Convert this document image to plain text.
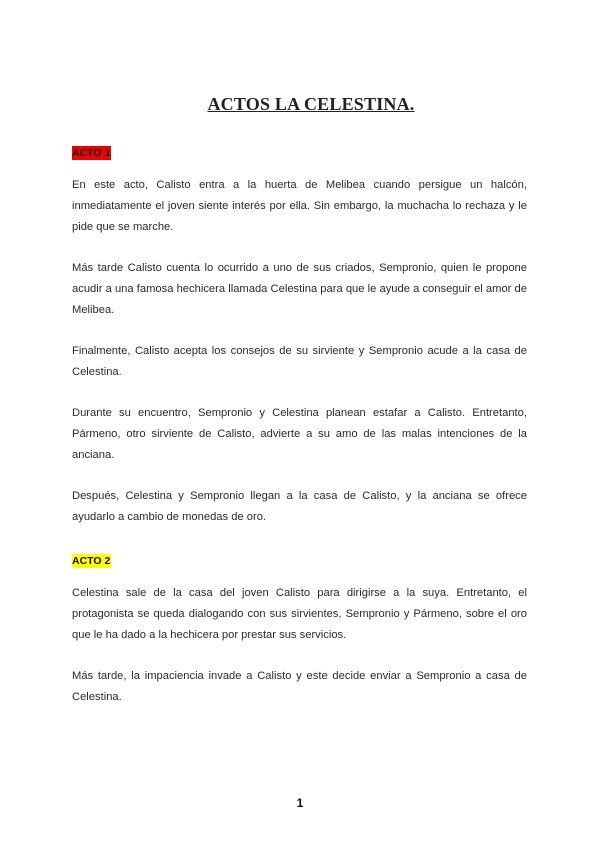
ACTOS LA CELESTINA.

ACTO 1

En este acto, Calisto entra a la huerta de Melibea cuando persigue un halcón, inmediatamente el joven siente interés por ella. Sin embargo, la muchacha lo rechaza y le pide que se marche.

Más tarde Calisto cuenta lo ocurrido a uno de sus criados, Sempronio, quien le propone acudir a una famosa hechicera llamada Celestina para que le ayude a conseguir el amor de Melibea.

Finalmente, Calisto acepta los consejos de su sirviente y Sempronio acude a la casa de Celestina.

Durante su encuentro, Sempronio y Celestina planean estafar a Calisto. Entretanto, Pármeno, otro sirviente de Calisto, advierte a su amo de las malas intenciones de la anciana.

Después, Celestina y Sempronio llegan a la casa de Calisto, y la anciana se ofrece ayudarlo a cambio de monedas de oro.

ACTO 2

Celestina sale de la casa del joven Calisto para dirigirse a la suya. Entretanto, el protagonista se queda dialogando con sus sirvientes, Sempronio y Pármeno, sobre el oro que le ha dado a la hechicera por prestar sus servicios.

Más tarde, la impaciencia invade a Calisto y este decide enviar a Sempronio a casa de Celestina.

1
